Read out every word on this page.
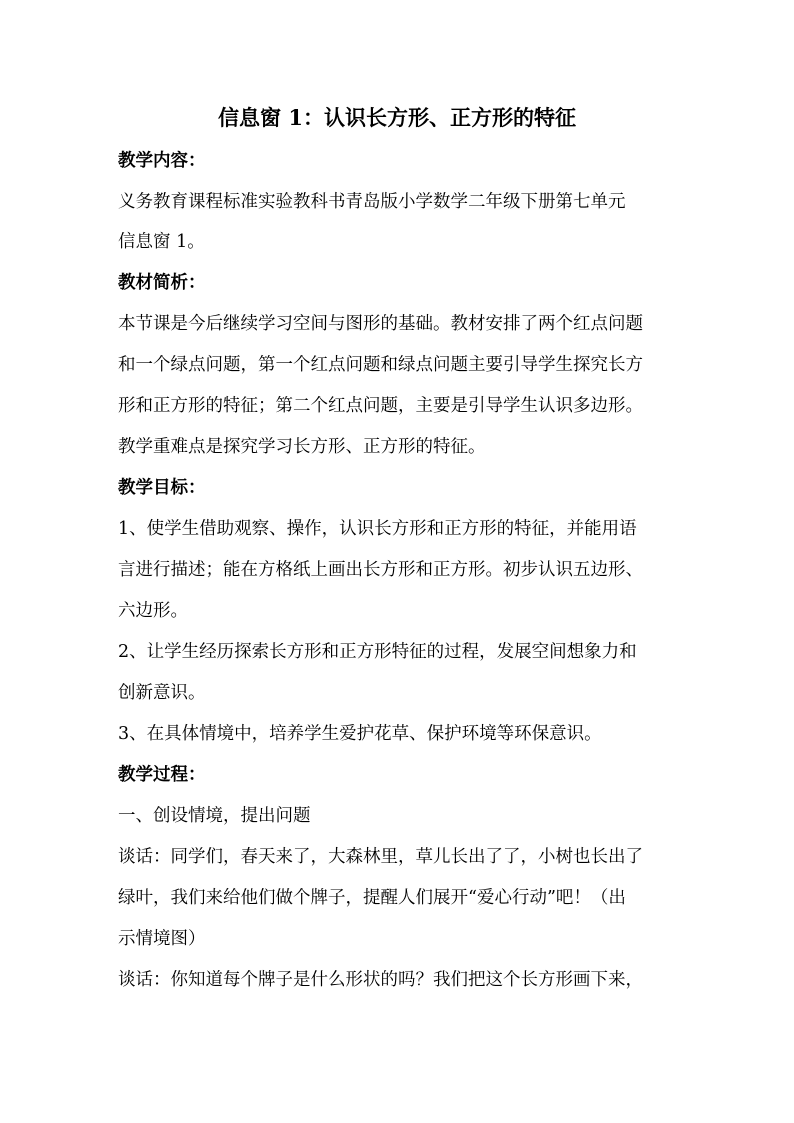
信息窗 1：认识长方形、正方形的特征
教学内容：
义务教育课程标准实验教科书青岛版小学数学二年级下册第七单元
信息窗 1。
教材简析：
本节课是今后继续学习空间与图形的基础。教材安排了两个红点问题
和一个绿点问题，第一个红点问题和绿点问题主要引导学生探究长方
形和正方形的特征；第二个红点问题，主要是引导学生认识多边形。
教学重难点是探究学习长方形、正方形的特征。
教学目标：
1、使学生借助观察、操作，认识长方形和正方形的特征，并能用语
言进行描述；能在方格纸上画出长方形和正方形。初步认识五边形、
六边形。
2、让学生经历探索长方形和正方形特征的过程，发展空间想象力和
创新意识。
3、在具体情境中，培养学生爱护花草、保护环境等环保意识。
教学过程：
一、创设情境，提出问题
谈话：同学们，春天来了，大森林里，草儿长出了了，小树也长出了
绿叶，我们来给他们做个牌子，提醒人们展开“爱心行动”吧！（出
示情境图）
谈话：你知道每个牌子是什么形状的吗？我们把这个长方形画下来，
